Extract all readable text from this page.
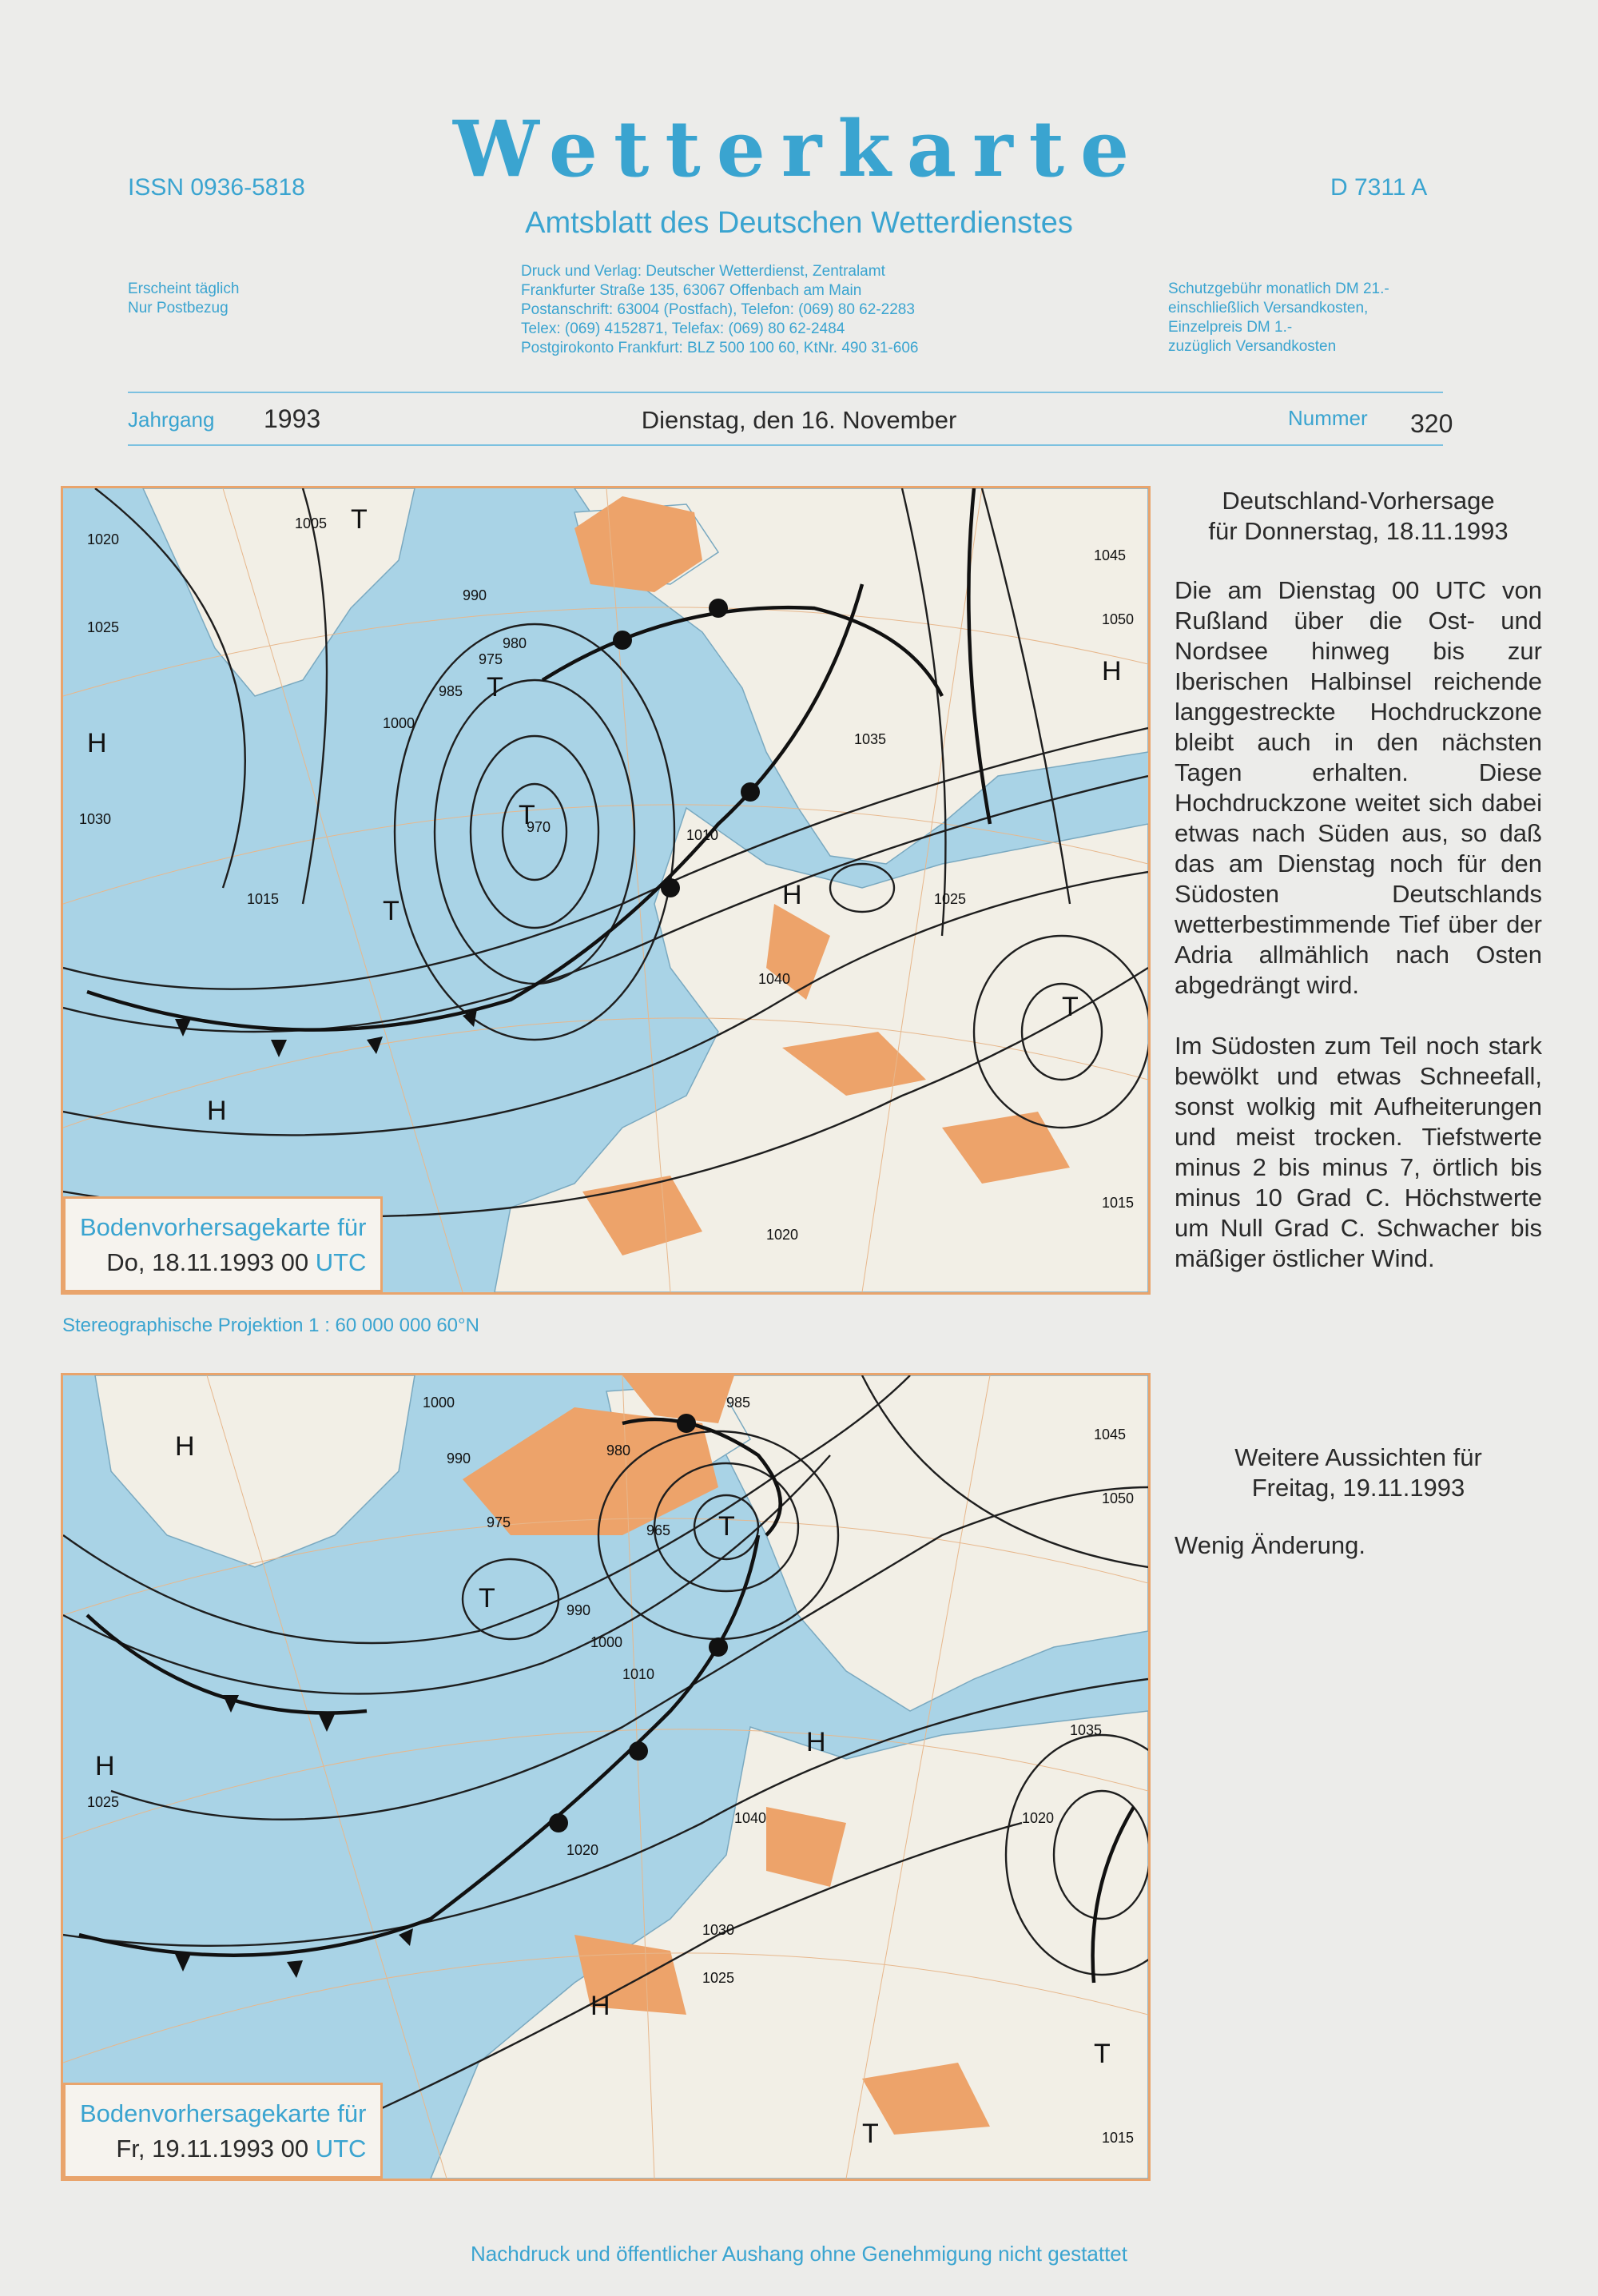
Wetterkarte
Amtsblatt des Deutschen Wetterdienstes
ISSN 0936-5818	D 7311 A
Erscheint täglich
Nur Postbezug
Druck und Verlag: Deutscher Wetterdienst, Zentralamt
Frankfurter Straße 135, 63067 Offenbach am Main
Postanschrift: 63004 (Postfach), Telefon: (069) 80 62-2283
Telex: (069) 4152871, Telefax: (069) 80 62-2484
Postgirokonto Frankfurt: BLZ 500 100 60, KtNr. 490 31-606
Schutzgebühr monatlich DM 21.-
einschließlich Versandkosten,
Einzelpreis DM 1.-
zuzüglich Versandkosten
Jahrgang 1993	Dienstag, den 16. November	Nummer 320
1020
1025
1030
1005
990
980
975
970
985
1000
1015
1035
1040
1045
1050
1010
1025
1020
1015
H
H
H
H
T
T
T
T
T
Bodenvorhersagekarte für
Do, 18.11.1993 00 UTC
Stereographische Projektion 1 : 60 000 000 60°N
1000
990
985
980
975	965
990
1000
1010
1020
1040
1030
1025
1045
1050
1035
1020
1015
1025
H
H
H
H
T
T
T
T
Bodenvorhersagekarte für
Fr, 19.11.1993 00 UTC
Deutschland-Vorhersage
für Donnerstag, 18.11.1993
Die am Dienstag 00 UTC von Rußland über die Ost- und Nordsee hinweg bis zur Iberischen Halbinsel reichende langgestreckte Hochdruckzone bleibt auch in den nächsten Tagen erhalten. Diese Hochdruckzone weitet sich dabei etwas nach Süden aus, so daß das am Dienstag noch für den Südosten Deutschlands wetterbestimmende Tief über der Adria allmählich nach Osten abgedrängt wird.
Im Südosten zum Teil noch stark bewölkt und etwas Schneefall, sonst wolkig mit Aufheiterungen und meist trocken. Tiefstwerte minus 2 bis minus 7, örtlich bis minus 10 Grad C. Höchstwerte um Null Grad C. Schwacher bis mäßiger östlicher Wind.
Weitere Aussichten für
Freitag, 19.11.1993
Wenig Änderung.
Nachdruck und öffentlicher Aushang ohne Genehmigung nicht gestattet
